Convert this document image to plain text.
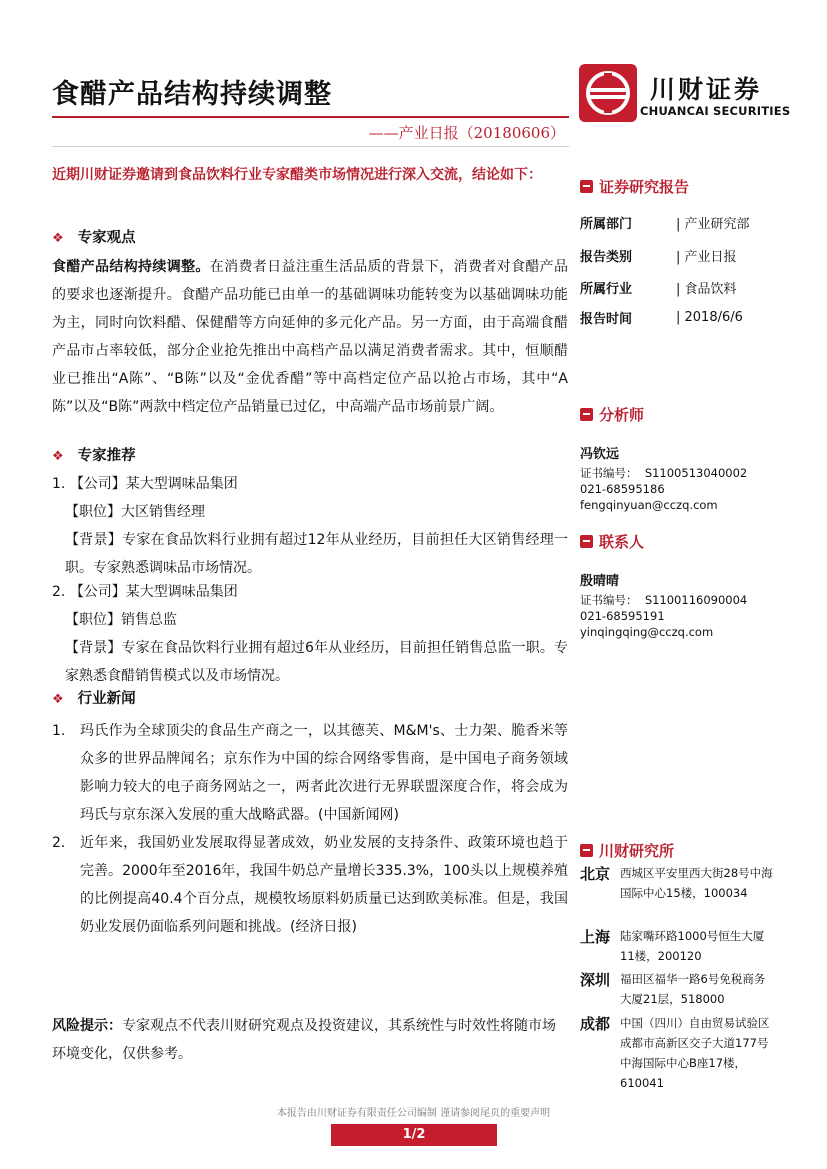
食醋产品结构持续调整
——产业日报（20180606）
川财证券
CHUANCAI SECURITIES
近期川财证券邀请到食品饮料行业专家醋类市场情况进行深入交流，结论如下：
❖ 专家观点
食醋产品结构持续调整。在消费者日益注重生活品质的背景下，消费者对食醋产品的要求也逐渐提升。食醋产品功能已由单一的基础调味功能转变为以基础调味功能为主，同时向饮料醋、保健醋等方向延伸的多元化产品。另一方面，由于高端食醋产品市占率较低，部分企业抢先推出中高档产品以满足消费者需求。其中，恒顺醋业已推出“A陈”、“B陈”以及“金优香醋”等中高档定位产品以抢占市场，其中“A陈”以及“B陈”两款中档定位产品销量已过亿，中高端产品市场前景广阔。
❖ 专家推荐
1. 【公司】某大型调味品集团
【职位】大区销售经理
【背景】专家在食品饮料行业拥有超过12年从业经历，目前担任大区销售经理一职。专家熟悉调味品市场情况。
2. 【公司】某大型调味品集团
【职位】销售总监
【背景】专家在食品饮料行业拥有超过6年从业经历，目前担任销售总监一职。专家熟悉食醋销售模式以及市场情况。
❖ 行业新闻
1.	玛氏作为全球顶尖的食品生产商之一，以其德芙、M&M's、士力架、脆香米等众多的世界品牌闻名；京东作为中国的综合网络零售商，是中国电子商务领域影响力较大的电子商务网站之一，两者此次进行无界联盟深度合作，将会成为玛氏与京东深入发展的重大战略武器。(中国新闻网)
2.	近年来，我国奶业发展取得显著成效，奶业发展的支持条件、政策环境也趋于完善。2000年至2016年，我国牛奶总产量增长335.3%，100头以上规模养殖的比例提高40.4个百分点，规模牧场原料奶质量已达到欧美标准。但是，我国奶业发展仍面临系列问题和挑战。(经济日报)
风险提示：专家观点不代表川财研究观点及投资建议，其系统性与时效性将随市场环境变化，仅供参考。
证券研究报告
所属部门	| 产业研究部
报告类别	| 产业日报
所属行业	| 食品饮料
报告时间	| 2018/6/6
分析师
冯钦远
证书编号： S1100513040002
021-68595186
fengqinyuan@cczq.com
联系人
殷晴晴
证书编号： S1100116090004
021-68595191
yinqingqing@cczq.com
川财研究所
北京 西城区平安里西大街28号中海国际中心15楼，100034
上海 陆家嘴环路1000号恒生大厦11楼，200120
深圳 福田区福华一路6号免税商务大厦21层，518000
成都 中国（四川）自由贸易试验区成都市高新区交子大道177号中海国际中心B座17楼，610041
本报告由川财证券有限责任公司编制 谨请参阅尾页的重要声明
1/2
